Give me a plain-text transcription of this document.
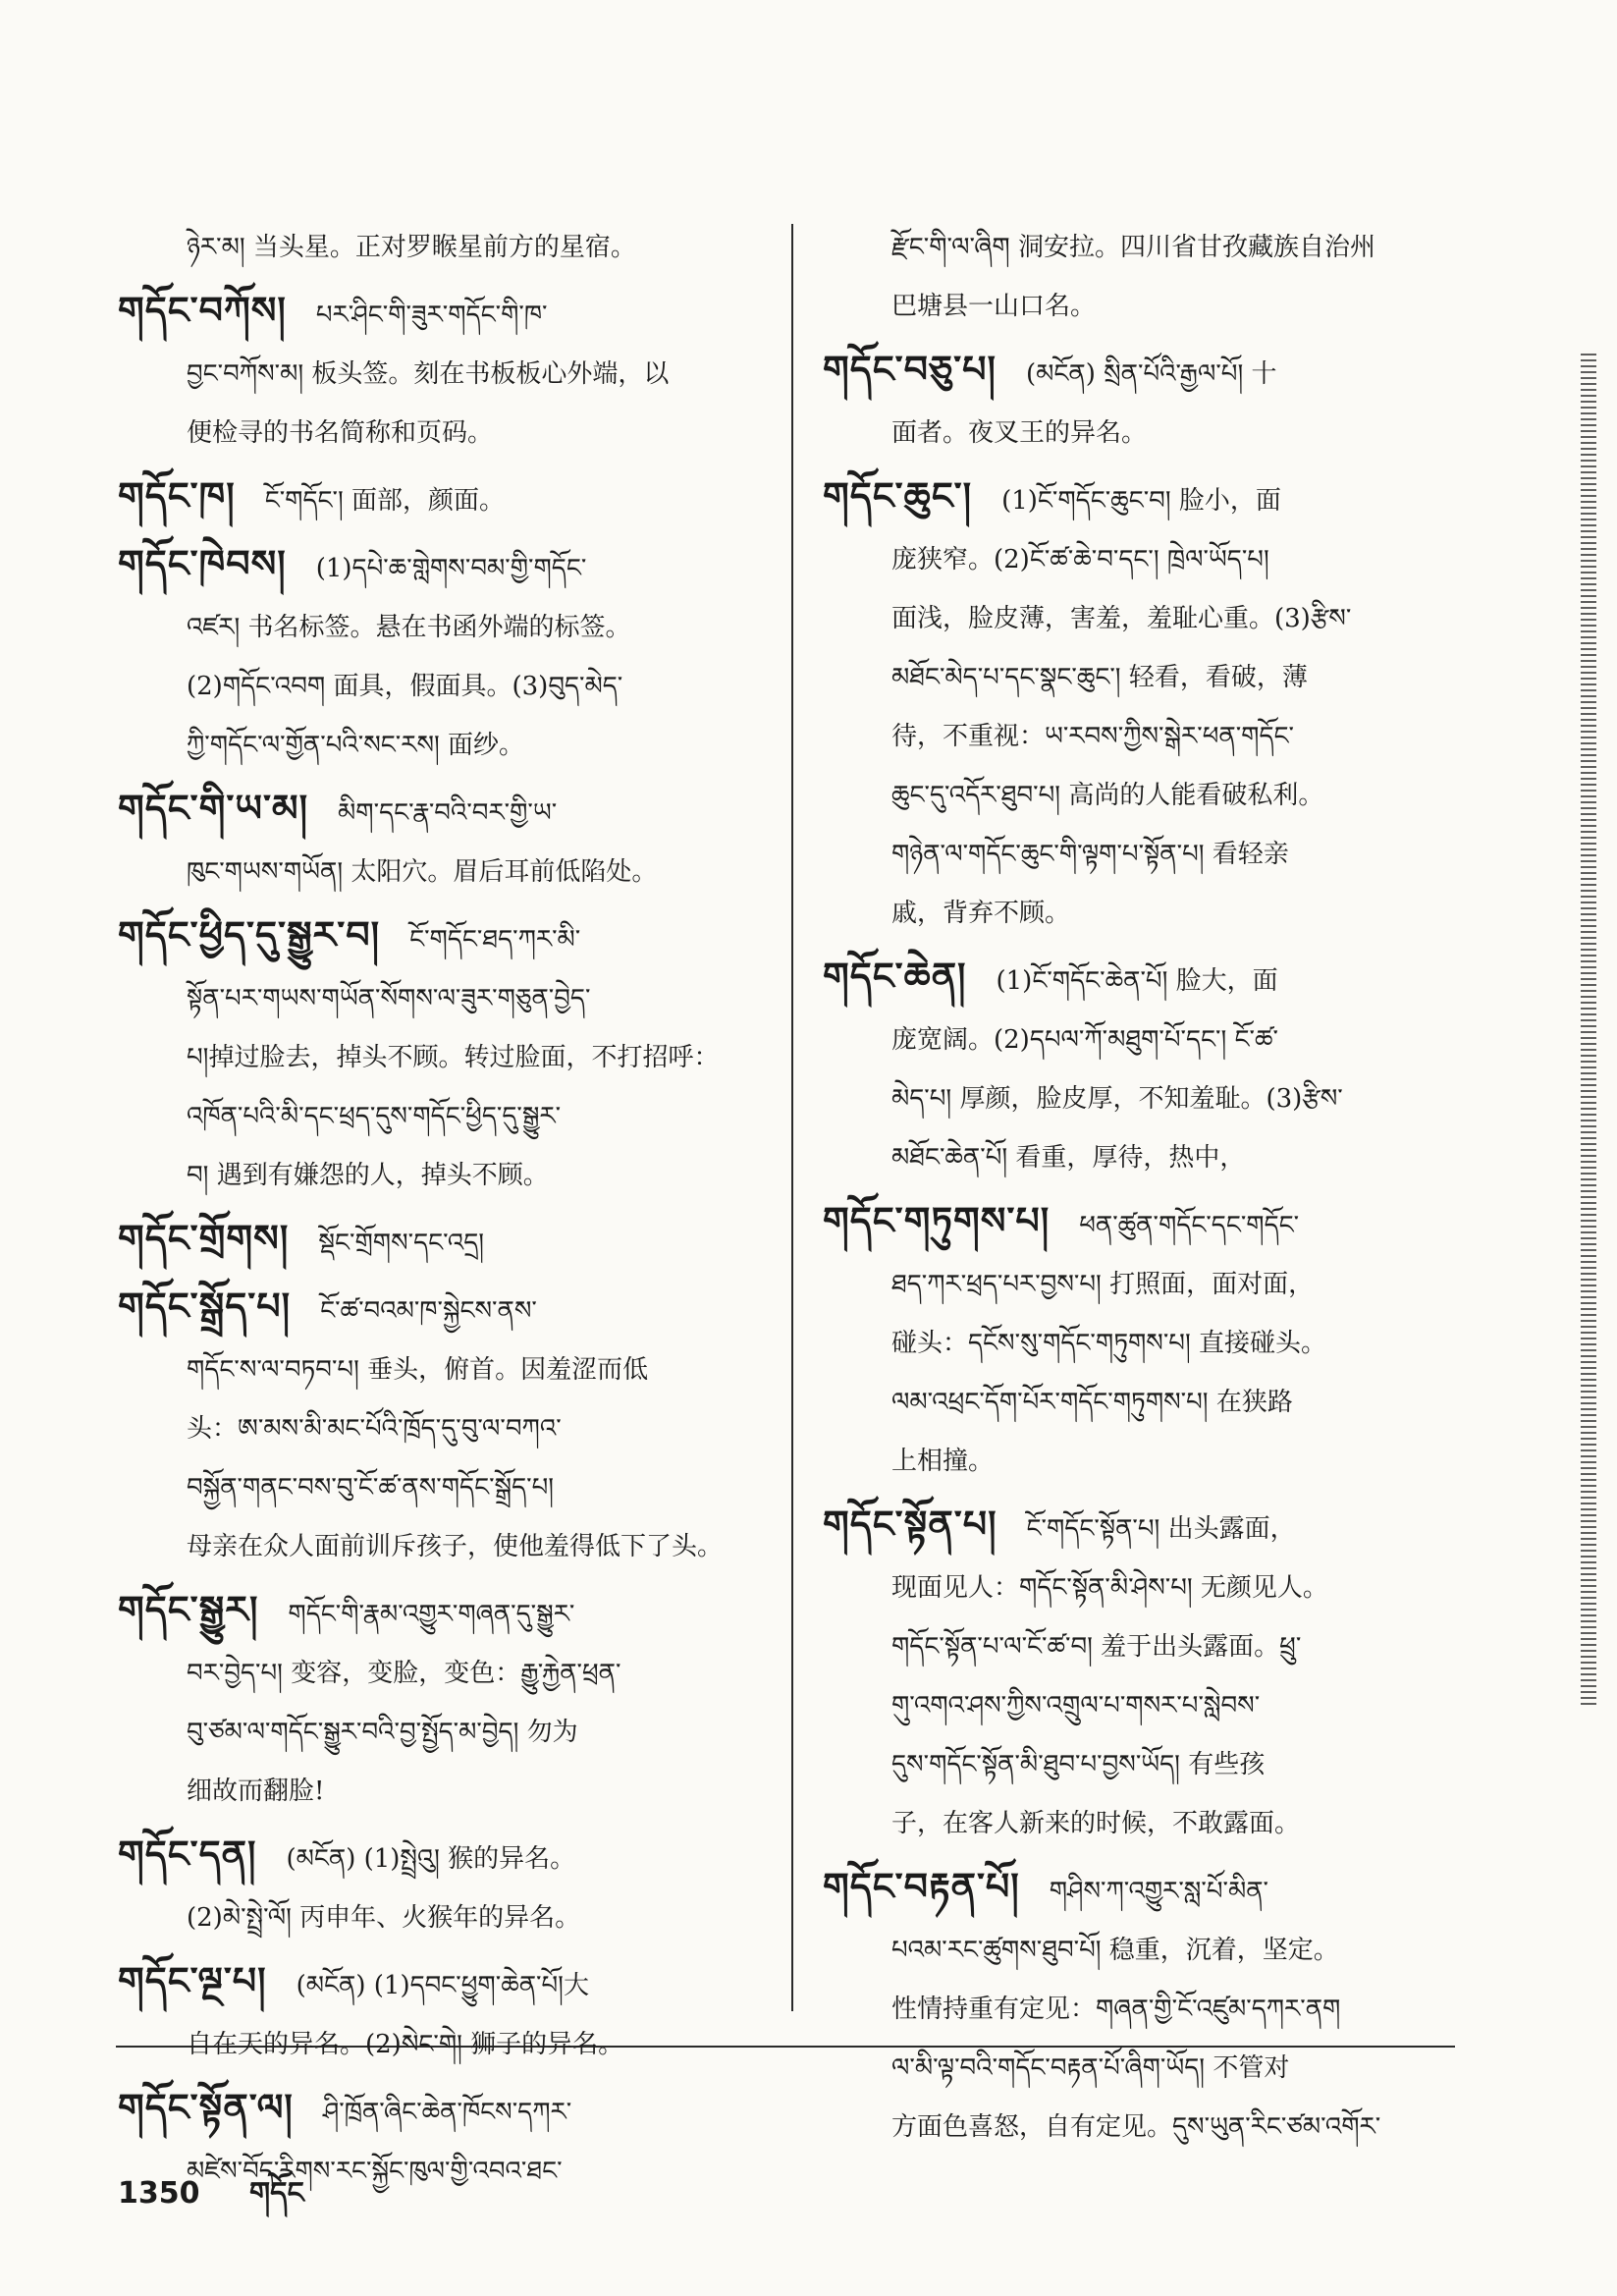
ཉེར་མ། 当头星。正对罗睺星前方的星宿。
གདོང་བཀོས། པར་ཤིང་གི་ཟུར་གདོང་གི་ཁ་
བྱང་བཀོས་མ། 板头签。刻在书板板心外端，以
便检寻的书名简称和页码。
གདོང་ཁ། ངོ་གདོང་། 面部，颜面。
གདོང་ཁེབས། (1)དཔེ་ཆ་གླེགས་བམ་གྱི་གདོང་
འཛར། 书名标签。悬在书函外端的标签。
(2)གདོང་འབག 面具，假面具。(3)བུད་མེད་
ཀྱི་གདོང་ལ་གྱོན་པའི་སང་རས། 面纱。
གདོང་གི་ཡ་མ། མིག་དང་རྣ་བའི་བར་གྱི་ཡ་
ཁུང་གཡས་གཡོན། 太阳穴。眉后耳前低陷处。
གདོང་ཕྱིད་དུ་སྒྱུར་བ། ངོ་གདོང་ཐད་ཀར་མི་
སྟོན་པར་གཡས་གཡོན་སོགས་ལ་ཟུར་གཅུན་བྱེད་
པ།掉过脸去，掉头不顾。转过脸面，不打招呼：
འཁོན་པའི་མི་དང་ཕྲད་དུས་གདོང་ཕྱིད་དུ་སྒྱུར་
བ། 遇到有嫌怨的人，掉头不顾。
གདོང་གྲོགས། སྡོང་གྲོགས་དང་འདྲ།
གདོང་སྒྲོད་པ། ངོ་ཚ་བའམ་ཁ་སྐྱེངས་ནས་
གདོང་ས་ལ་བཏབ་པ། 垂头，俯首。因羞涩而低
头：ཨ་མས་མི་མང་པོའི་ཁྲོད་དུ་བུ་ལ་བཀའ་
བསྐྱོན་གནང་བས་བུ་ངོ་ཚ་ནས་གདོང་སྒྲོད་པ།
母亲在众人面前训斥孩子，使他羞得低下了头。
གདོང་སྒྱུར། གདོང་གི་རྣམ་འགྱུར་གཞན་དུ་སྒྱུར་
བར་བྱེད་པ། 变容，变脸，变色：རྒྱུ་རྐྱེན་ཕྲན་
བུ་ཙམ་ལ་གདོང་སྒྱུར་བའི་བྱ་སྤྱོད་མ་བྱེད། 勿为
细故而翻脸!
གདོང་དན། (མངོན) (1)སྤྲེའུ། 猴的异名。
(2)མེ་སྤྲེ་ལོ། 丙申年、火猴年的异名。
གདོང་ལྔ་པ། (མངོན) (1)དབང་ཕྱུག་ཆེན་པོ།大
自在天的异名。(2)སེང་གེ། 狮子的异名。
གདོང་སྟོན་ལ། ཤི་ཁྲོན་ཞིང་ཆེན་ཁོངས་དཀར་
མཛེས་བོད་རིགས་རང་སྐྱོང་ཁུལ་གྱི་འབའ་ཐང་
རྫོང་གི་ལ་ཞིག 洞安拉。四川省甘孜藏族自治州
巴塘县一山口名。
གདོང་བཅུ་པ། (མངོན) སྲིན་པོའི་རྒྱལ་པོ། 十
面者。夜叉王的异名。
གདོང་ཆུང་། (1)ངོ་གདོང་ཆུང་བ། 脸小，面
庞狭窄。(2)ངོ་ཚ་ཆེ་བ་དང་། ཁྲེལ་ཡོད་པ།
面浅，脸皮薄，害羞，羞耻心重。(3)རྩིས་
མཐོང་མེད་པ་དང་སྣང་ཆུང་། 轻看，看破，薄
待，不重视：ཡ་རབས་ཀྱིས་སྒེར་ཕན་གདོང་
ཆུང་དུ་འདོར་ཐུབ་པ། 高尚的人能看破私利。
གཉེན་ལ་གདོང་ཆུང་གི་ལྟག་པ་སྟོན་པ། 看轻亲
戚，背弃不顾。
གདོང་ཆེན། (1)ངོ་གདོང་ཆེན་པོ། 脸大，面
庞宽阔。(2)དཔལ་ཀོ་མཐུག་པོ་དང་། ངོ་ཚ་
མེད་པ། 厚颜，脸皮厚，不知羞耻。(3)རྩིས་
མཐོང་ཆེན་པོ། 看重，厚待，热中，
གདོང་གཏུགས་པ། ཕན་ཚུན་གདོང་དང་གདོང་
ཐད་ཀར་ཕྲད་པར་བྱས་པ། 打照面，面对面，
碰头：དངོས་སུ་གདོང་གཏུགས་པ། 直接碰头。
ལམ་འཕྲང་དོག་པོར་གདོང་གཏུགས་པ། 在狭路
上相撞。
གདོང་སྟོན་པ། ངོ་གདོང་སྟོན་པ། 出头露面，
现面见人：གདོང་སྟོན་མི་ཤེས་པ། 无颜见人。
གདོང་སྟོན་པ་ལ་ངོ་ཚ་བ། 羞于出头露面。ཕྲུ་
གུ་འགའ་ཤས་ཀྱིས་འགྲུལ་པ་གསར་པ་སླེབས་
དུས་གདོང་སྟོན་མི་ཐུབ་པ་བྱས་ཡོད། 有些孩
子，在客人新来的时候，不敢露面。
གདོང་བརྟན་པོ། གཤིས་ཀ་འགྱུར་སླ་པོ་མིན་
པའམ་རང་ཚུགས་ཐུབ་པོ། 稳重，沉着，坚定。
性情持重有定见：གཞན་གྱི་ངོ་འཛུམ་དཀར་ནག
ལ་མི་ལྟ་བའི་གདོང་བརྟན་པོ་ཞིག་ཡོད། 不管对
方面色喜怒，自有定见。དུས་ཡུན་རིང་ཙམ་འགོར་
1350 གདོང
